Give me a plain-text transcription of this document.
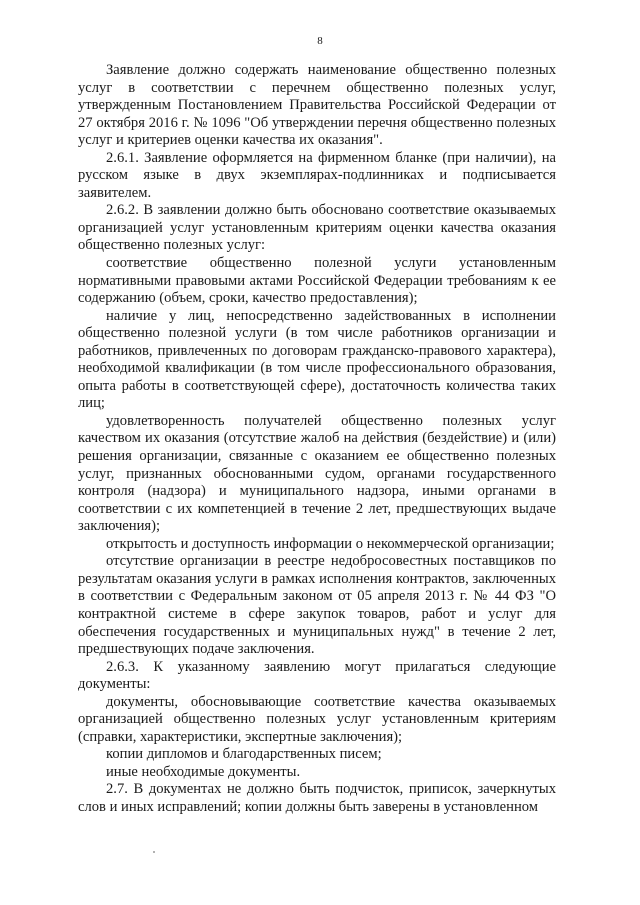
8

Заявление должно содержать наименование общественно полезных услуг в соответствии с перечнем общественно полезных услуг, утвержденным Постановлением Правительства Российской Федерации от 27 октября 2016 г. № 1096 "Об утверждении перечня общественно полезных услуг и критериев оценки качества их оказания".

2.6.1. Заявление оформляется на фирменном бланке (при наличии), на русском языке в двух экземплярах-подлинниках и подписывается заявителем.

2.6.2. В заявлении должно быть обосновано соответствие оказываемых организацией услуг установленным критериям оценки качества оказания общественно полезных услуг:

соответствие общественно полезной услуги установленным нормативными правовыми актами Российской Федерации требованиям к ее содержанию (объем, сроки, качество предоставления);

наличие у лиц, непосредственно задействованных в исполнении общественно полезной услуги (в том числе работников организации и работников, привлеченных по договорам гражданско-правового характера), необходимой квалификации (в том числе профессионального образования, опыта работы в соответствующей сфере), достаточность количества таких лиц;

удовлетворенность получателей общественно полезных услуг качеством их оказания (отсутствие жалоб на действия (бездействие) и (или) решения организации, связанные с оказанием ее общественно полезных услуг, признанных обоснованными судом, органами государственного контроля (надзора) и муниципального надзора, иными органами в соответствии с их компетенцией в течение 2 лет, предшествующих выдаче заключения);

открытость и доступность информации о некоммерческой организации;

отсутствие организации в реестре недобросовестных поставщиков по результатам оказания услуги в рамках исполнения контрактов, заключенных в соответствии с Федеральным законом от 05 апреля 2013 г. № 44 ФЗ "О контрактной системе в сфере закупок товаров, работ и услуг для обеспечения государственных и муниципальных нужд" в течение 2 лет, предшествующих подаче заключения.

2.6.3. К указанному заявлению могут прилагаться следующие документы:

документы, обосновывающие соответствие качества оказываемых организацией общественно полезных услуг установленным критериям (справки, характеристики, экспертные заключения);

копии дипломов и благодарственных писем;

иные необходимые документы.

2.7. В документах не должно быть подчисток, приписок, зачеркнутых слов и иных исправлений; копии должны быть заверены в установленном
